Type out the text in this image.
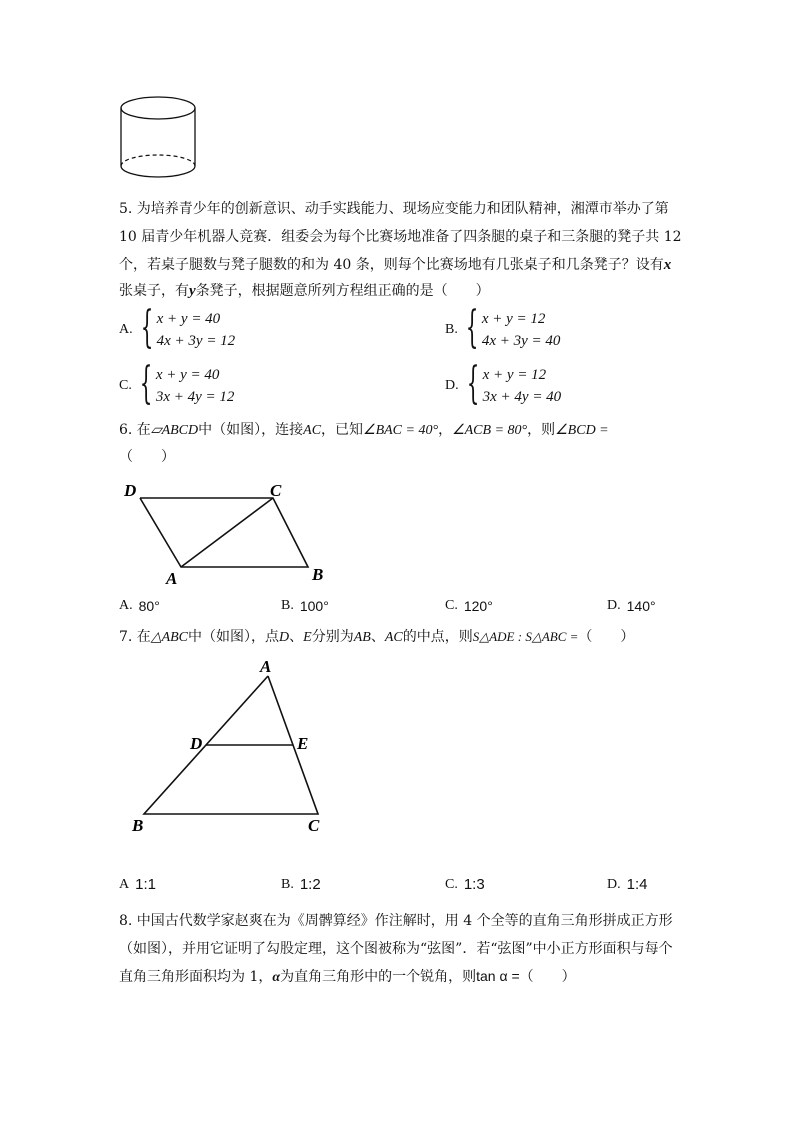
5. 为培养青少年的创新意识、动手实践能力、现场应变能力和团队精神，湘潭市举办了第
10 届青少年机器人竞赛．组委会为每个比赛场地准备了四条腿的桌子和三条腿的凳子共 12
个，若桌子腿数与凳子腿数的和为 40 条，则每个比赛场地有几张桌子和几条凳子？设有x
张桌子，有y条凳子，根据题意所列方程组正确的是（　　）
A. { x + y = 40
4x + 3y = 12
B. { x + y = 12
4x + 3y = 40
C. { x + y = 40
3x + 4y = 12
D. { x + y = 12
3x + 4y = 40
6. 在▱ABCD中（如图），连接AC，已知∠BAC = 40°，∠ACB = 80°，则∠BCD =
（　　）
D	C
A	B
A. 80°	B. 100°	C. 120°	D. 140°
7. 在△ABC中（如图），点D、E分别为AB、AC的中点，则S△ADE : S△ABC =（　　）
A
D	E
B	C
A 1:1	B. 1:2	C. 1:3	D. 1:4
8. 中国古代数学家赵爽在为《周髀算经》作注解时，用 4 个全等的直角三角形拼成正方形
（如图），并用它证明了勾股定理，这个图被称为“弦图”．若“弦图”中小正方形面积与每个
直角三角形面积均为 1，α为直角三角形中的一个锐角，则tan α =（　　）
